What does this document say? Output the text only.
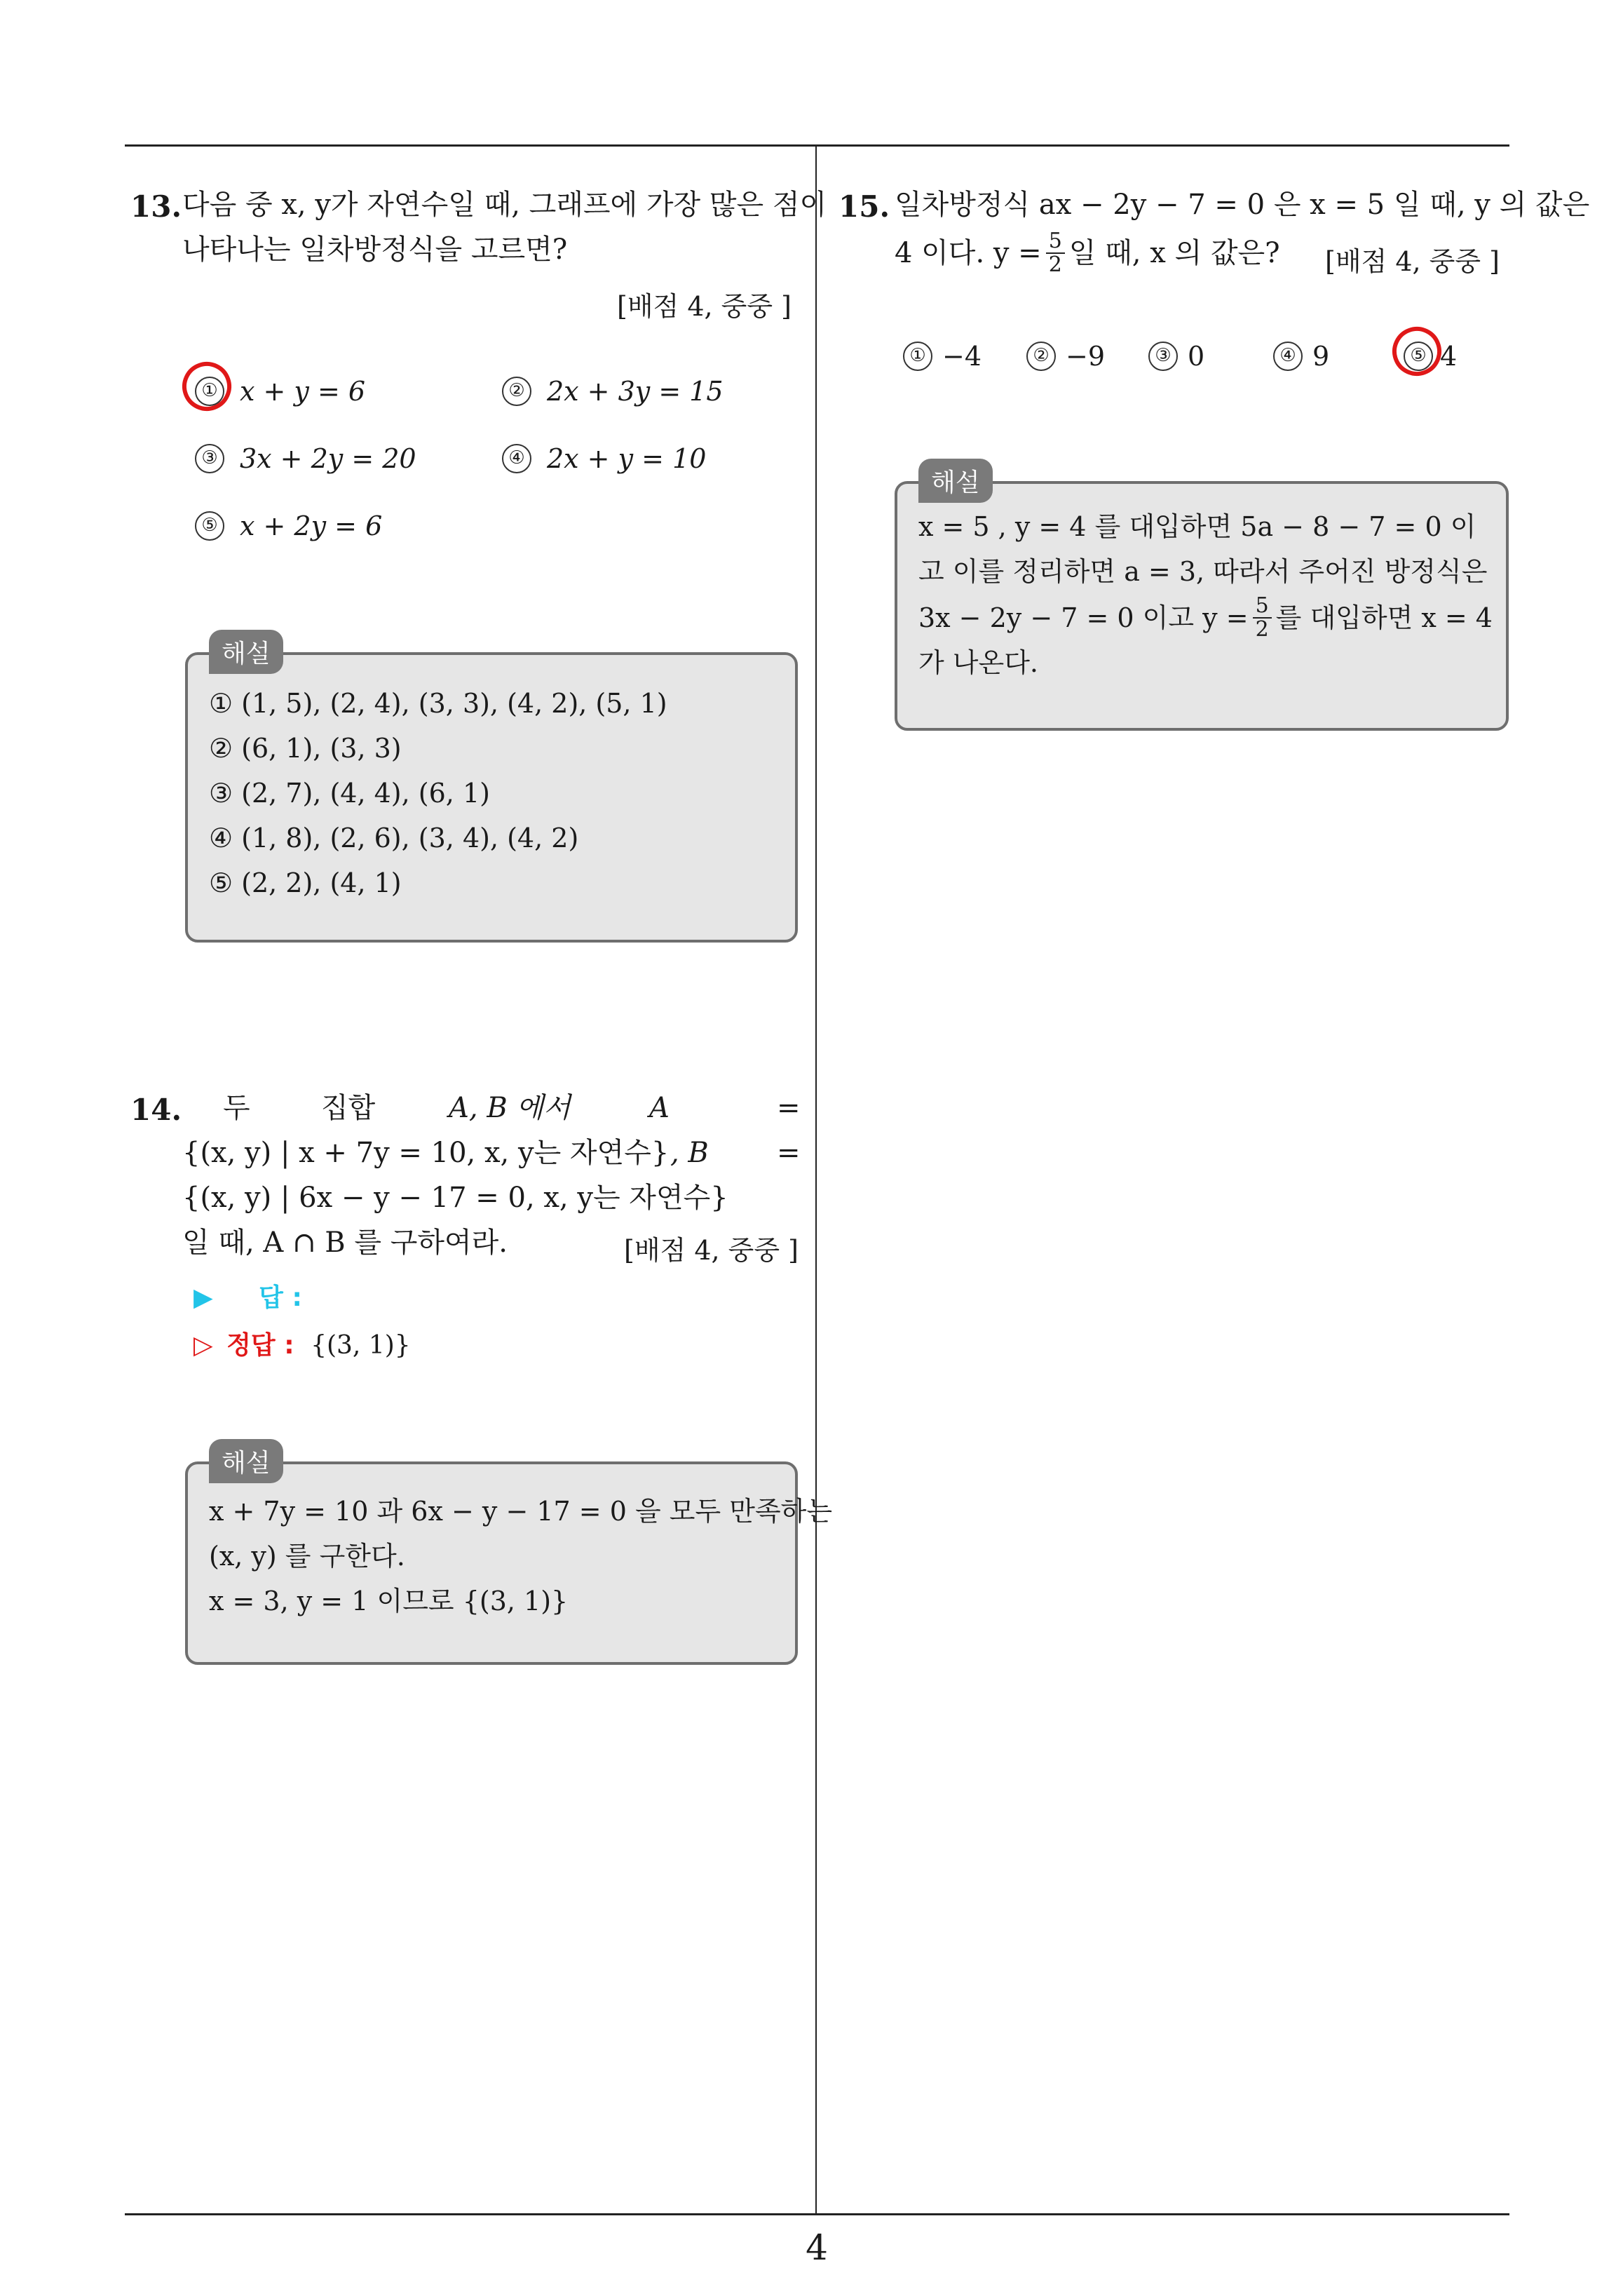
13. 다음 중 x, y가 자연수일 때, 그래프에 가장 많은 점이
나타나는 일차방정식을 고르면?
[배점 4, 중중 ]
① x + y = 6	② 2x + 3y = 15
③ 3x + 2y = 20	④ 2x + y = 10
⑤ x + 2y = 6
해설
① (1, 5), (2, 4), (3, 3), (4, 2), (5, 1)
② (6, 1), (3, 3)
③ (2, 7), (4, 4), (6, 1)
④ (1, 8), (2, 6), (3, 4), (4, 2)
⑤ (2, 2), (4, 1)
14. 두	집합	A, B 에서	A	=
{(x, y) | x + 7y = 10, x, y는 자연수} , B =
{(x, y) | 6x − y − 17 = 0, x, y는 자연수}
일 때, A ∩ B 를 구하여라.	[배점 4, 중중 ]
▶ 답 :
▷ 정답 : {(3, 1)}
해설
x + 7y = 10 과 6x − y − 17 = 0 을 모두 만족하는
(x, y) 를 구한다.
x = 3, y = 1 이므로 {(3, 1)}
15. 일차방정식 ax − 2y − 7 = 0 은 x = 5 일 때, y 의 값은
4 이다. $y = \frac{5}{2}$ 일 때, x 의 값은? [배점 4, 중중 ]
① −4	② −9	③ 0	④ 9	⑤ 4
해설
x = 5 , y = 4 를 대입하면 5a − 8 − 7 = 0 이
고 이를 정리하면 a = 3, 따라서 주어진 방정식은
3x − 2y − 7 = 0 이고 $y = \frac{5}{2}$ 를 대입하면 x = 4
가 나온다.
4
